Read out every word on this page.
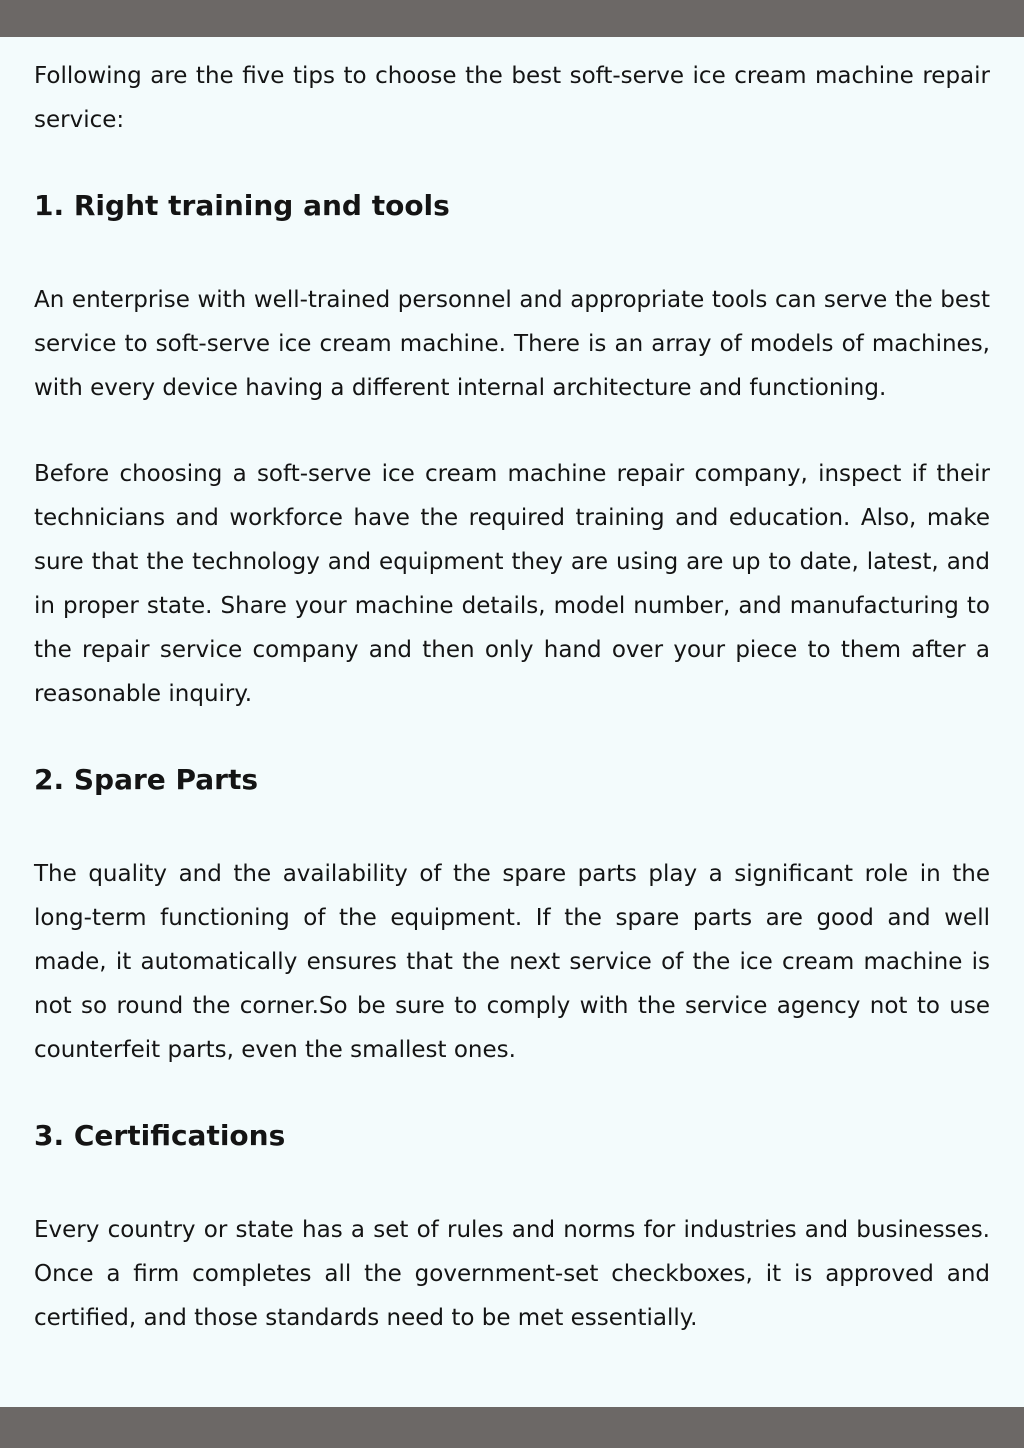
Following are the five tips to choose the best soft-serve ice cream machine repair service:

1. Right training and tools

An enterprise with well-trained personnel and appropriate tools can serve the best service to soft-serve ice cream machine. There is an array of models of machines, with every device having a different internal architecture and functioning.

Before choosing a soft-serve ice cream machine repair company, inspect if their technicians and workforce have the required training and education. Also, make sure that the technology and equipment they are using are up to date, latest, and in proper state. Share your machine details, model number, and manufacturing to the repair service company and then only hand over your piece to them after a reasonable inquiry.

2. Spare Parts

The quality and the availability of the spare parts play a significant role in the long-term functioning of the equipment. If the spare parts are good and well made, it automatically ensures that the next service of the ice cream machine is not so round the corner.So be sure to comply with the service agency not to use counterfeit parts, even the smallest ones.

3. Certifications

Every country or state has a set of rules and norms for industries and businesses. Once a firm completes all the government-set checkboxes, it is approved and certified, and those standards need to be met essentially.
